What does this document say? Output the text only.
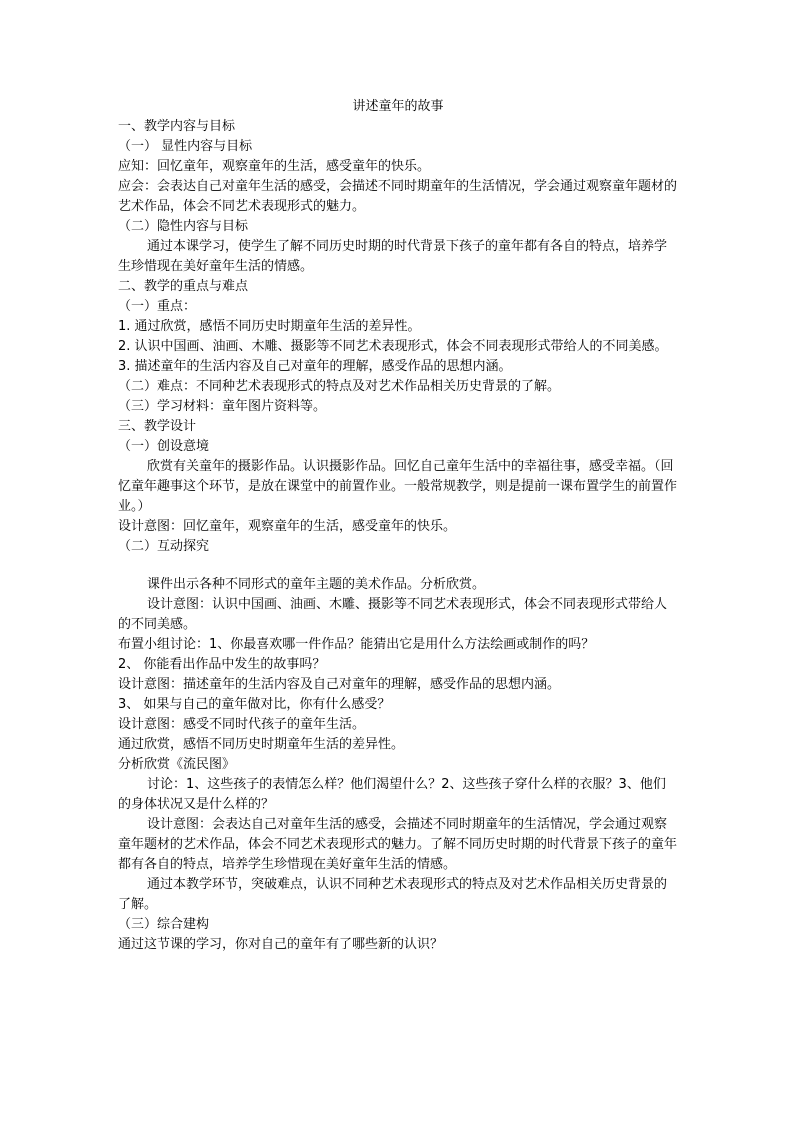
讲述童年的故事

一、教学内容与目标

（一） 显性内容与目标

应知：回忆童年，观察童年的生活，感受童年的快乐。

应会：会表达自己对童年生活的感受，会描述不同时期童年的生活情况，学会通过观察童年题材的艺术作品，体会不同艺术表现形式的魅力。

（二）隐性内容与目标

通过本课学习，使学生了解不同历史时期的时代背景下孩子的童年都有各自的特点，培养学生珍惜现在美好童年生活的情感。

二、教学的重点与难点

（一）重点：

1. 通过欣赏，感悟不同历史时期童年生活的差异性。

2. 认识中国画、油画、木雕、摄影等不同艺术表现形式，体会不同表现形式带给人的不同美感。

3. 描述童年的生活内容及自己对童年的理解，感受作品的思想内涵。

（二）难点：不同种艺术表现形式的特点及对艺术作品相关历史背景的了解。

（三）学习材料：童年图片资料等。

三、教学设计

（一）创设意境

欣赏有关童年的摄影作品。认识摄影作品。回忆自己童年生活中的幸福往事，感受幸福。（回忆童年趣事这个环节，是放在课堂中的前置作业。一般常规教学，则是提前一课布置学生的前置作业。）

设计意图：回忆童年，观察童年的生活，感受童年的快乐。

（二）互动探究

课件出示各种不同形式的童年主题的美术作品。分析欣赏。

设计意图：认识中国画、油画、木雕、摄影等不同艺术表现形式，体会不同表现形式带给人的不同美感。

布置小组讨论：1、你最喜欢哪一件作品？能猜出它是用什么方法绘画或制作的吗？

2、 你能看出作品中发生的故事吗？

设计意图：描述童年的生活内容及自己对童年的理解，感受作品的思想内涵。

3、 如果与自己的童年做对比，你有什么感受？

设计意图：感受不同时代孩子的童年生活。

通过欣赏，感悟不同历史时期童年生活的差异性。

分析欣赏《流民图》

讨论：1、这些孩子的表情怎么样？他们渴望什么？2、这些孩子穿什么样的衣服？3、他们的身体状况又是什么样的？

设计意图：会表达自己对童年生活的感受，会描述不同时期童年的生活情况，学会通过观察童年题材的艺术作品，体会不同艺术表现形式的魅力。了解不同历史时期的时代背景下孩子的童年都有各自的特点，培养学生珍惜现在美好童年生活的情感。

通过本教学环节，突破难点，认识不同种艺术表现形式的特点及对艺术作品相关历史背景的了解。

（三）综合建构

通过这节课的学习，你对自己的童年有了哪些新的认识？
